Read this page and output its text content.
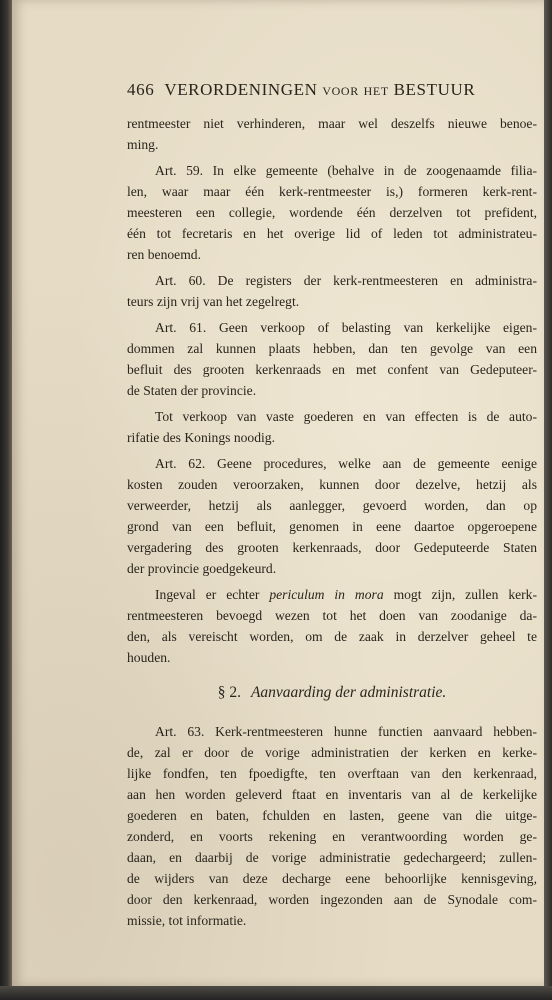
466 VERORDENINGEN voor het BESTUUR
rentmeester niet verhinderen, maar wel deszelfs nieuwe benoe-
ming.
Art. 59. In elke gemeente (behalve in de zoogenaamde filia-
len, waar maar één kerk-rentmeester is,) formeren kerk-rent-
meesteren een collegie, wordende één derzelven tot prefident,
één tot fecretaris en het overige lid of leden tot administrateu-
ren benoemd.
Art. 60. De registers der kerk-rentmeesteren en administra-
teurs zijn vrij van het zegelregt.
Art. 61. Geen verkoop of belasting van kerkelijke eigen-
dommen zal kunnen plaats hebben, dan ten gevolge van een
befluit des grooten kerkenraads en met confent van Gedeputeer-
de Staten der provincie.
Tot verkoop van vaste goederen en van effecten is de auto-
rifatie des Konings noodig.
Art. 62. Geene procedures, welke aan de gemeente eenige
kosten zouden veroorzaken, kunnen door dezelve, hetzij als
verweerder, hetzij als aanlegger, gevoerd worden, dan op
grond van een befluit, genomen in eene daartoe opgeroepene
vergadering des grooten kerkenraads, door Gedeputeerde Staten
der provincie goedgekeurd.
Ingeval er echter periculum in mora mogt zijn, zullen kerk-
rentmeesteren bevoegd wezen tot het doen van zoodanige da-
den, als vereischt worden, om de zaak in derzelver geheel te
houden.
§ 2. Aanvaarding der administratie.
Art. 63. Kerk-rentmeesteren hunne functien aanvaard hebben-
de, zal er door de vorige administratien der kerken en kerke-
lijke fondfen, ten fpoedigfte, ten overftaan van den kerkenraad,
aan hen worden geleverd ftaat en inventaris van al de kerkelijke
goederen en baten, fchulden en lasten, geene van die uitge-
zonderd, en voorts rekening en verantwoording worden ge-
daan, en daarbij de vorige administratie gedechargeerd; zullen-
de wijders van deze decharge eene behoorlijke kennisgeving,
door den kerkenraad, worden ingezonden aan de Synodale com-
missie, tot informatie.
